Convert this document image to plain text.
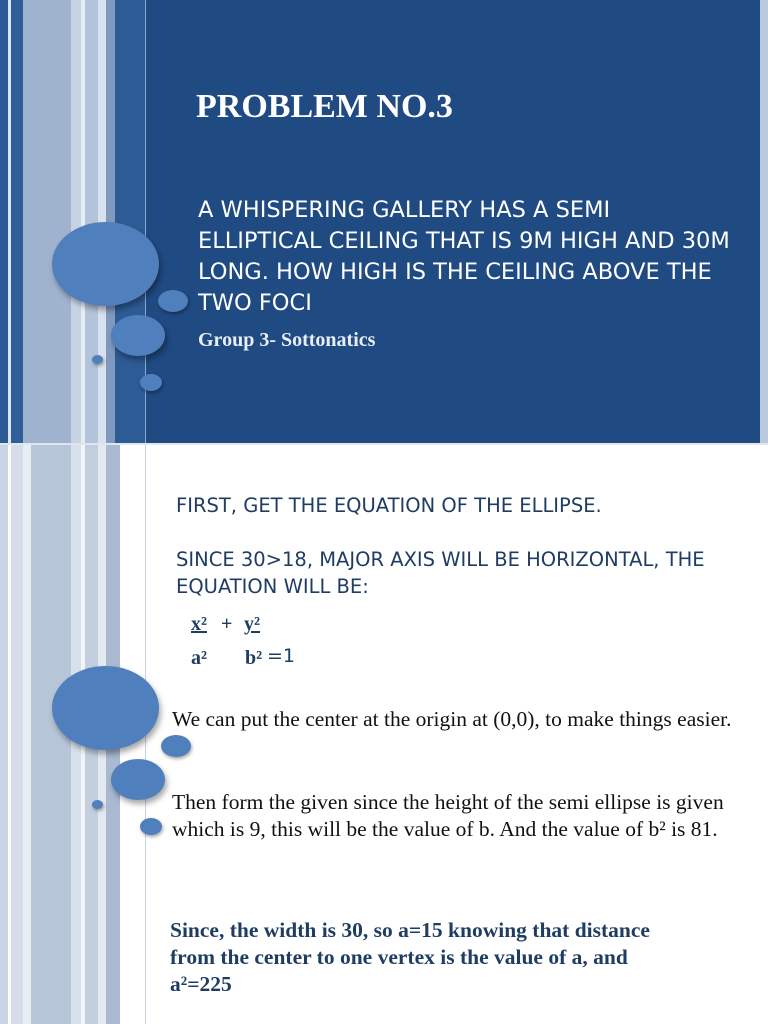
PROBLEM NO.3

A WHISPERING GALLERY HAS A SEMI ELLIPTICAL CEILING THAT IS 9M HIGH AND 30M LONG. HOW HIGH IS THE CEILING ABOVE THE TWO FOCI

Group 3- Sottonatics

FIRST, GET THE EQUATION OF THE ELLIPSE.

SINCE 30>18, MAJOR AXIS WILL BE HORIZONTAL, THE EQUATION WILL BE:

x² + y²
a² b² =1

We can put the center at the origin at (0,0), to make things easier.

Then form the given since the height of the semi ellipse is given which is 9, this will be the value of b. And the value of b² is 81.

Since, the width is 30, so a=15 knowing that distance from the center to one vertex is the value of a, and a²=225
